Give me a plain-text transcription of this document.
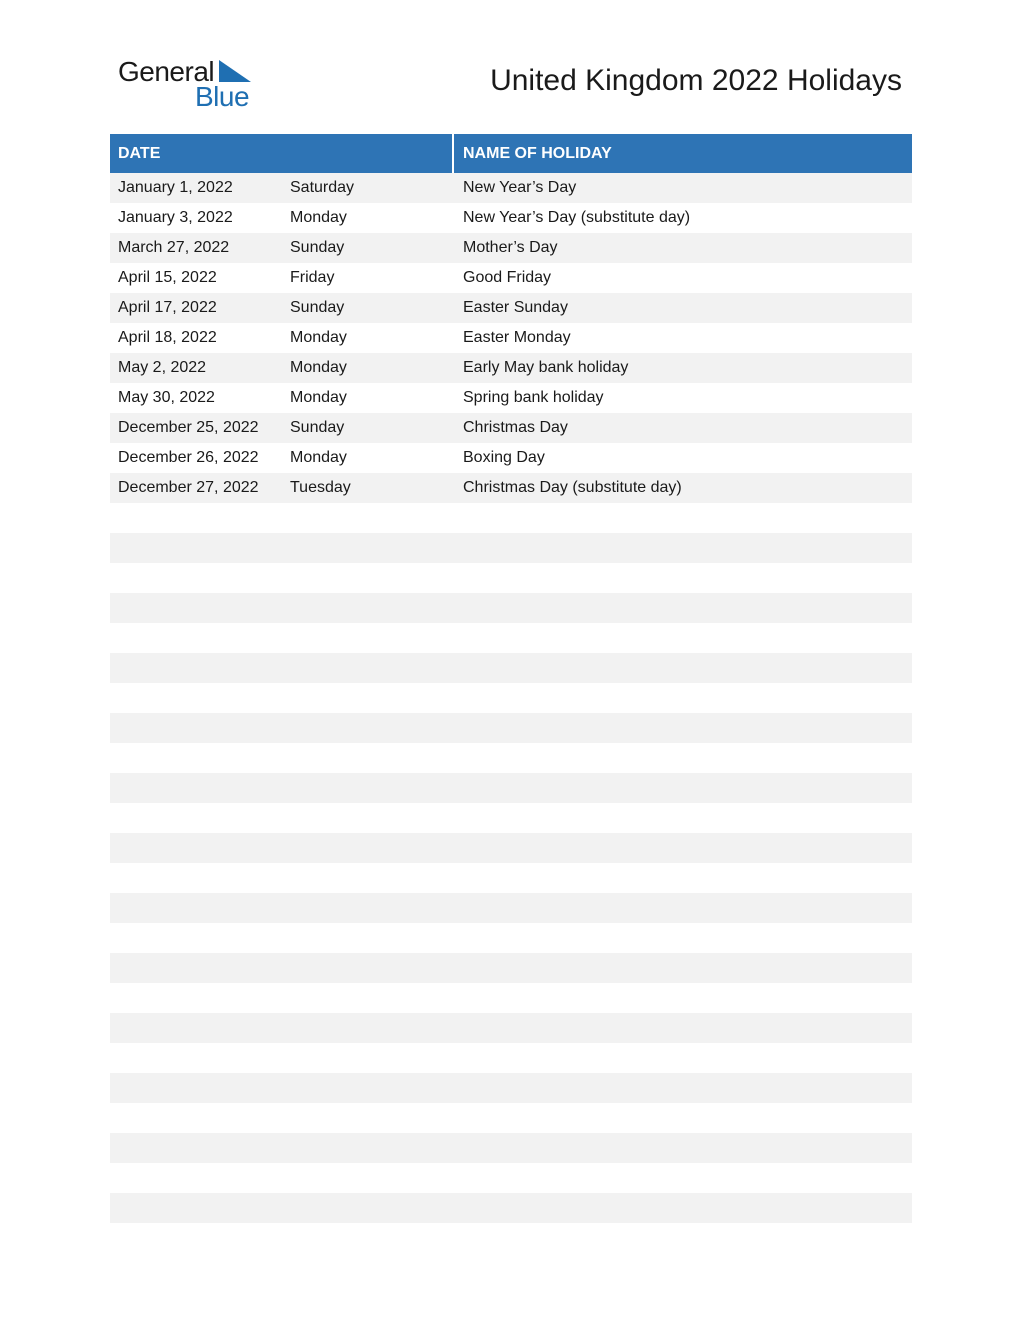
General
Blue	United Kingdom 2022 Holidays
DATE	NAME OF HOLIDAY
January 1, 2022	Saturday	New Year’s Day
January 3, 2022	Monday	New Year’s Day (substitute day)
March 27, 2022	Sunday	Mother’s Day
April 15, 2022	Friday	Good Friday
April 17, 2022	Sunday	Easter Sunday
April 18, 2022	Monday	Easter Monday
May 2, 2022	Monday	Early May bank holiday
May 30, 2022	Monday	Spring bank holiday
December 25, 2022	Sunday	Christmas Day
December 26, 2022	Monday	Boxing Day
December 27, 2022	Tuesday	Christmas Day (substitute day)
